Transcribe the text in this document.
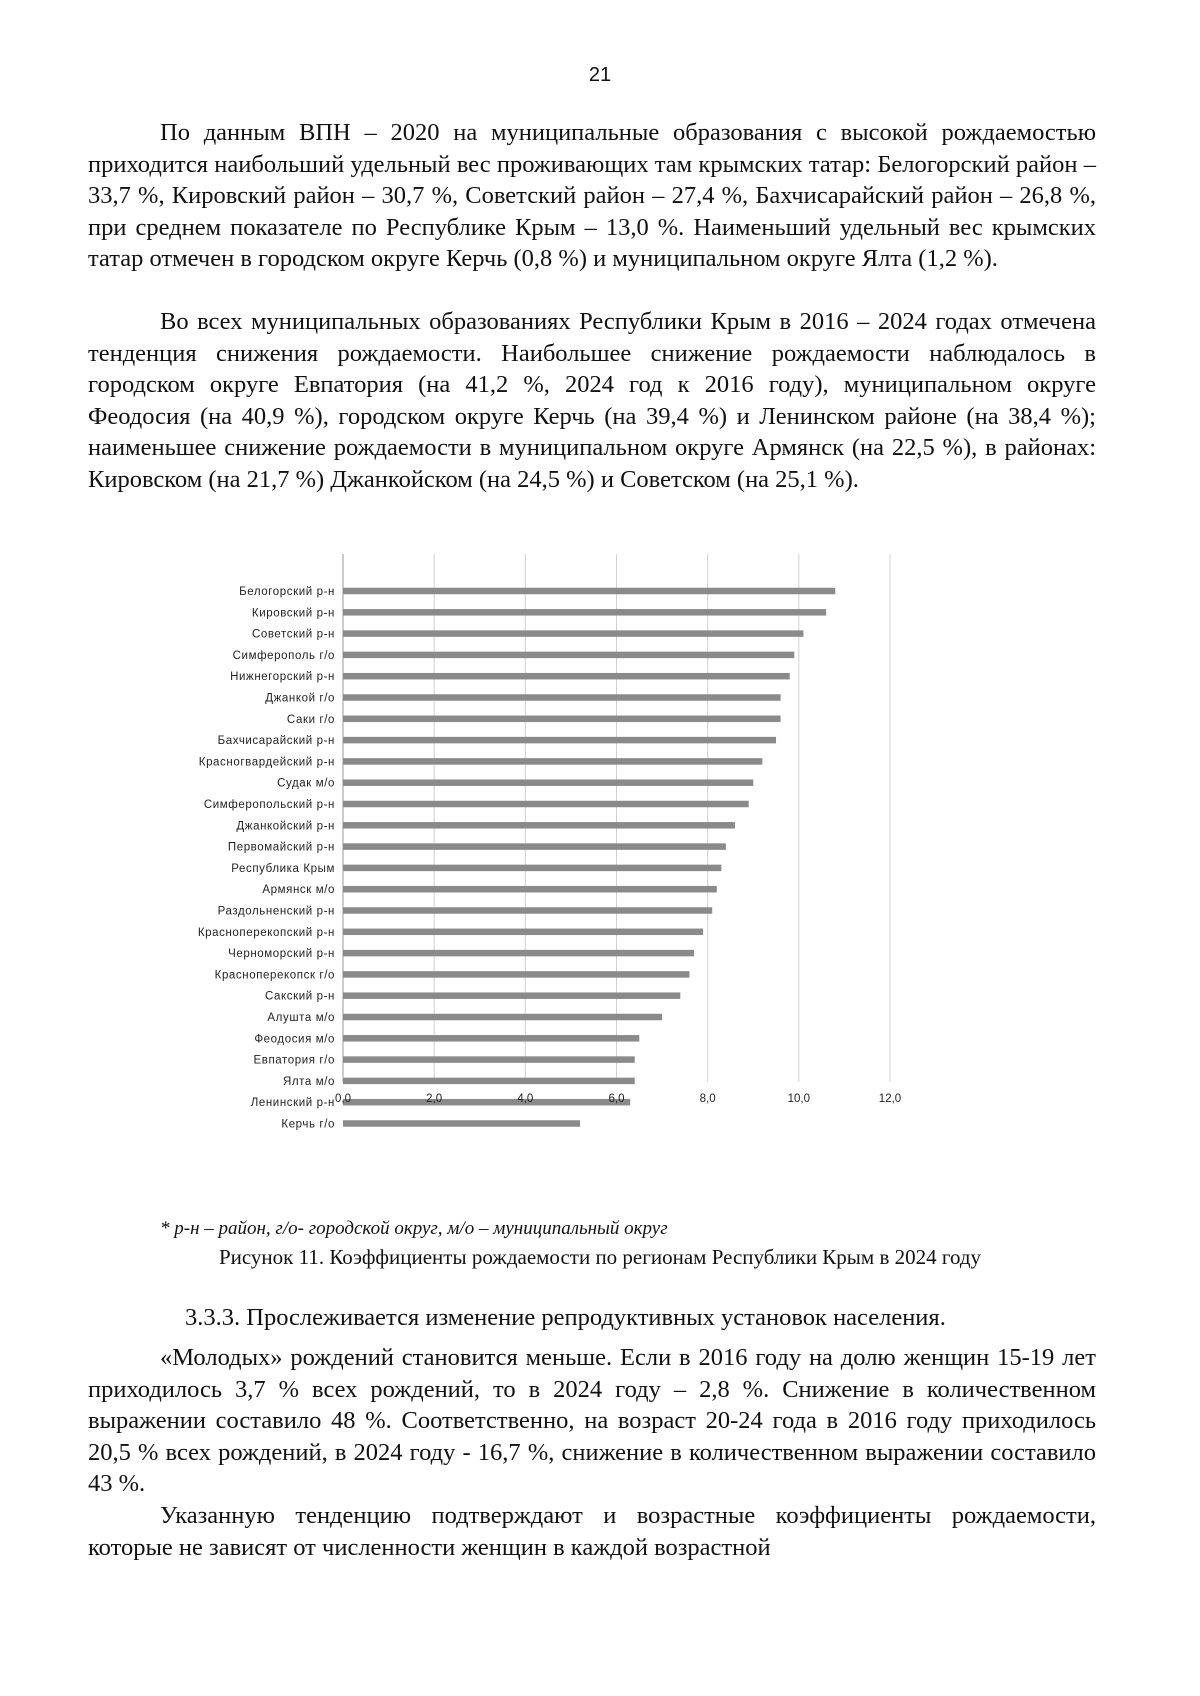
21

По данным ВПН – 2020 на муниципальные образования с высокой рождаемостью приходится наибольший удельный вес проживающих там крымских татар: Белогорский район – 33,7 %, Кировский район – 30,7 %, Советский район – 27,4 %, Бахчисарайский район – 26,8 %, при среднем показателе по Республике Крым – 13,0 %. Наименьший удельный вес крымских татар отмечен в городском округе Керчь (0,8 %) и муниципальном округе Ялта (1,2 %).

Во всех муниципальных образованиях Республики Крым в 2016 – 2024 годах отмечена тенденция снижения рождаемости. Наибольшее снижение рождаемости наблюдалось в городском округе Евпатория (на 41,2 %, 2024 год к 2016 году), муниципальном округе Феодосия (на 40,9 %), городском округе Керчь (на 39,4 %) и Ленинском районе (на 38,4 %); наименьшее снижение рождаемости в муниципальном округе Армянск (на 22,5 %), в районах: Кировском (на 21,7 %) Джанкойском (на 24,5 %) и Советском (на 25,1 %).

Белогорский р-н
Кировский р-н
Советский р-н
Симферополь г/о
Нижнегорский р-н
Джанкой г/о
Саки г/о
Бахчисарайский р-н
Красногвардейский р-н
Судак м/о
Симферопольский р-н
Джанкойский р-н
Первомайский р-н
Республика Крым
Армянск м/о
Раздольненский р-н
Красноперекопский р-н
Черноморский р-н
Красноперекопск г/о
Сакский р-н
Алушта м/о
Феодосия м/о
Евпатория г/о
Ялта м/о
Ленинский р-н
Керчь г/о
0,0	2,0	4,0	6,0	8,0	10,0	12,0

* р-н – район, г/о- городской округ, м/о – муниципальный округ

Рисунок 11. Коэффициенты рождаемости по регионам Республики Крым в 2024 году

3.3.3. Прослеживается изменение репродуктивных установок населения.

«Молодых» рождений становится меньше. Если в 2016 году на долю женщин 15-19 лет приходилось 3,7 % всех рождений, то в 2024 году – 2,8 %. Снижение в количественном выражении составило 48 %. Соответственно, на возраст 20-24 года в 2016 году приходилось 20,5 % всех рождений, в 2024 году - 16,7 %, снижение в количественном выражении составило 43 %.

Указанную тенденцию подтверждают и возрастные коэффициенты рождаемости, которые не зависят от численности женщин в каждой возрастной
